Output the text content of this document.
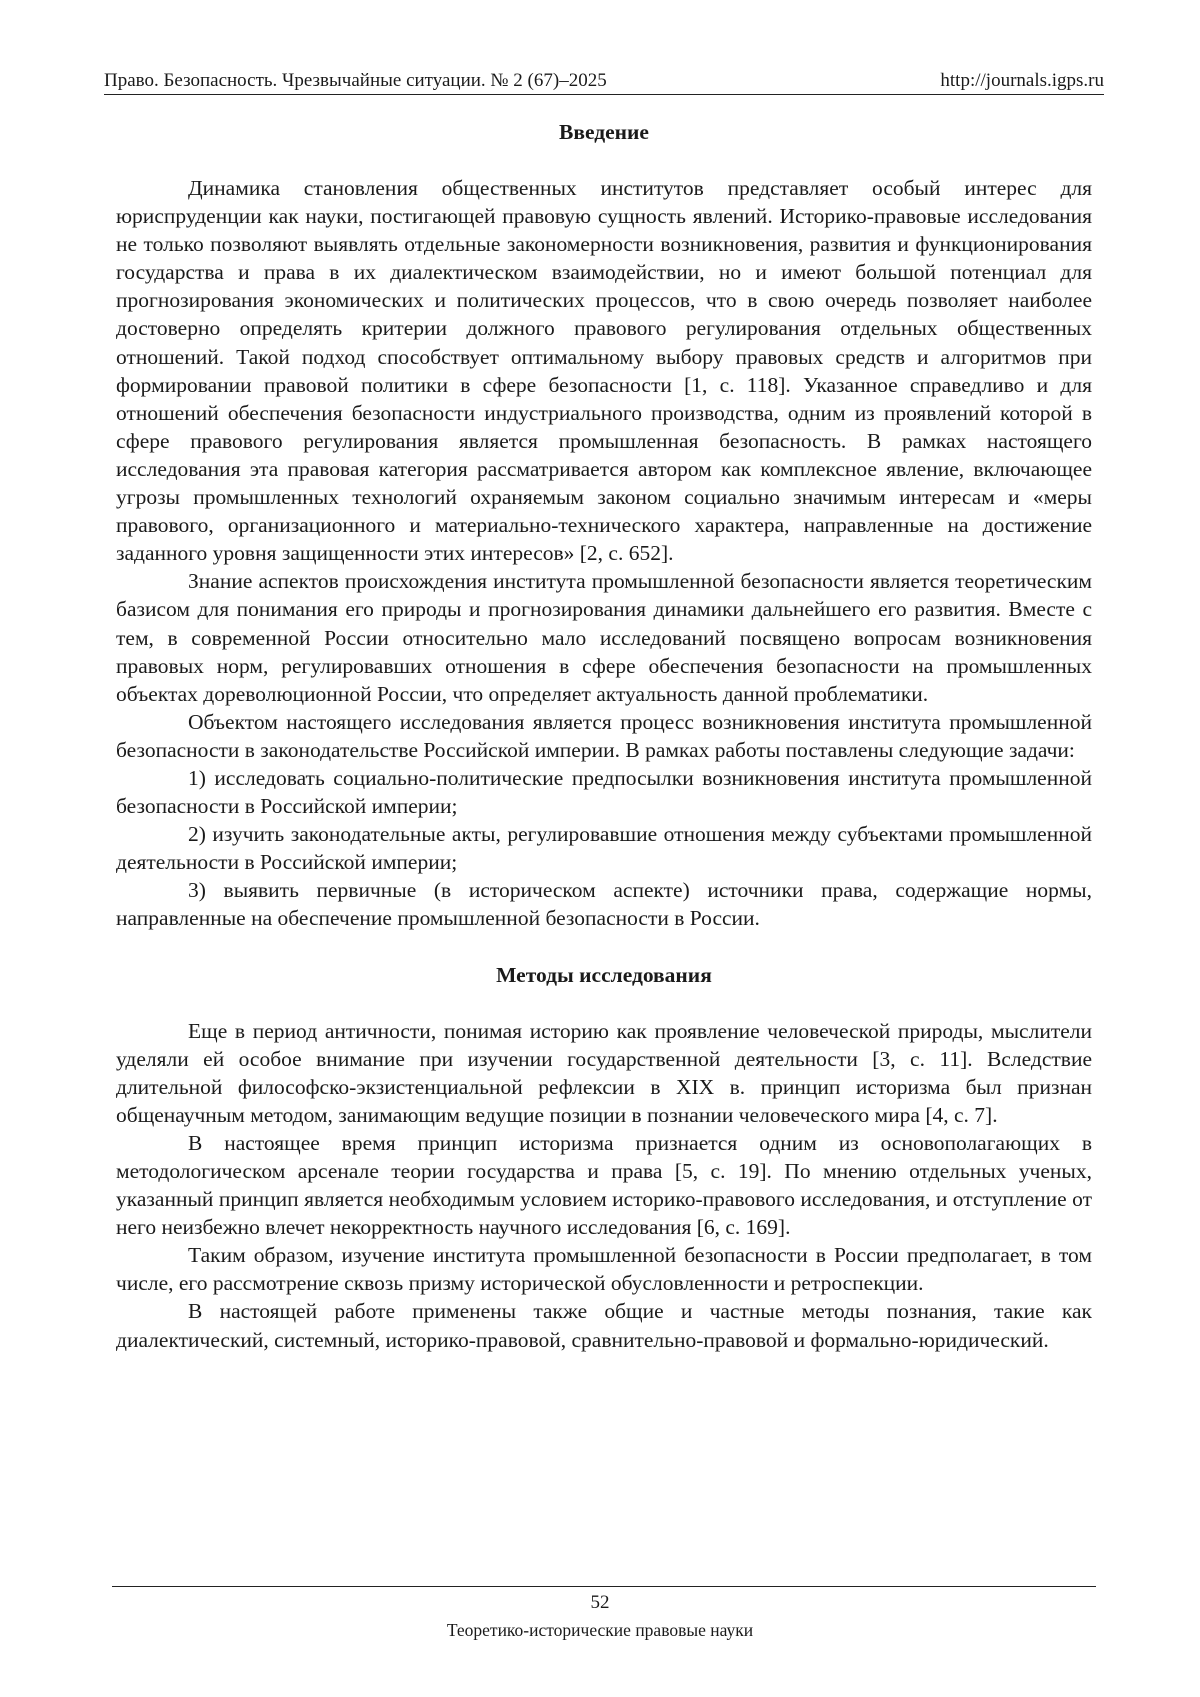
Право. Безопасность. Чрезвычайные ситуации. № 2 (67)–2025	http://journals.igps.ru
Введение

Динамика становления общественных институтов представляет особый интерес для юриспруденции как науки, постигающей правовую сущность явлений. Историко-правовые исследования не только позволяют выявлять отдельные закономерности возникновения, развития и функционирования государства и права в их диалектическом взаимодействии, но и имеют большой потенциал для прогнозирования экономических и политических процессов, что в свою очередь позволяет наиболее достоверно определять критерии должного правового регулирования отдельных общественных отношений. Такой подход способствует оптимальному выбору правовых средств и алгоритмов при формировании правовой политики в сфере безопасности [1, с. 118]. Указанное справедливо и для отношений обеспечения безопасности индустриального производства, одним из проявлений которой в сфере правового регулирования является промышленная безопасность. В рамках настоящего исследования эта правовая категория рассматривается автором как комплексное явление, включающее угрозы промышленных технологий охраняемым законом социально значимым интересам и «меры правового, организационного и материально-технического характера, направленные на достижение заданного уровня защищенности этих интересов» [2, с. 652].

Знание аспектов происхождения института промышленной безопасности является теоретическим базисом для понимания его природы и прогнозирования динамики дальнейшего его развития. Вместе с тем, в современной России относительно мало исследований посвящено вопросам возникновения правовых норм, регулировавших отношения в сфере обеспечения безопасности на промышленных объектах дореволюционной России, что определяет актуальность данной проблематики.

Объектом настоящего исследования является процесс возникновения института промышленной безопасности в законодательстве Российской империи. В рамках работы поставлены следующие задачи:

1) исследовать социально-политические предпосылки возникновения института промышленной безопасности в Российской империи;

2) изучить законодательные акты, регулировавшие отношения между субъектами промышленной деятельности в Российской империи;

3) выявить первичные (в историческом аспекте) источники права, содержащие нормы, направленные на обеспечение промышленной безопасности в России.

Методы исследования

Еще в период античности, понимая историю как проявление человеческой природы, мыслители уделяли ей особое внимание при изучении государственной деятельности [3, с. 11]. Вследствие длительной философско-экзистенциальной рефлексии в XIX в. принцип историзма был признан общенаучным методом, занимающим ведущие позиции в познании человеческого мира [4, с. 7].

В настоящее время принцип историзма признается одним из основополагающих в методологическом арсенале теории государства и права [5, с. 19]. По мнению отдельных ученых, указанный принцип является необходимым условием историко-правового исследования, и отступление от него неизбежно влечет некорректность научного исследования [6, с. 169].

Таким образом, изучение института промышленной безопасности в России предполагает, в том числе, его рассмотрение сквозь призму исторической обусловленности и ретроспекции.

В настоящей работе применены также общие и частные методы познания, такие как диалектический, системный, историко-правовой, сравнительно-правовой и формально-юридический.

52
Теоретико-исторические правовые науки
